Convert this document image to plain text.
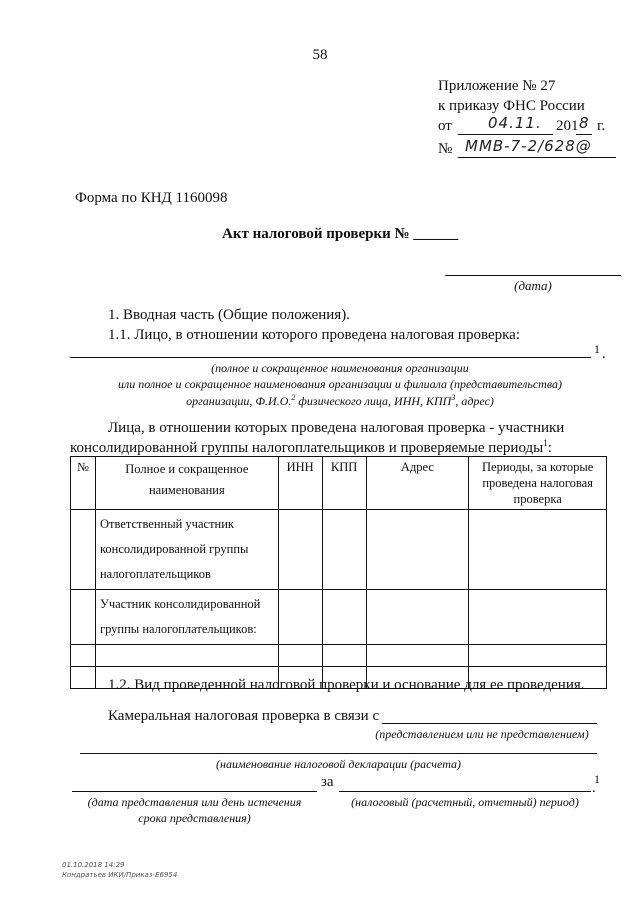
58
Приложение № 27
к приказу ФНС России
от 04.11. 201 8 г.
№ ММВ-7-2/628@
Форма по КНД 1160098
Акт налоговой проверки № ______
(дата)
1. Вводная часть (Общие положения).
1.1. Лицо, в отношении которого проведена налоговая проверка:
1 .
(полное и сокращенное наименования организации
или полное и сокращенное наименования организации и филиала (представительства)
организации, Ф.И.О.$^2$ физического лица, ИНН, КПП$^3$, адрес)
Лица, в отношении которых проведена налоговая проверка - участники
консолидированной группы налогоплательщиков и проверяемые периоды$^1$:
№	Полное и сокращенное наименования	ИНН	КПП	Адрес	Периоды, за которые проведена налоговая проверка
	Ответственный участник консолидированной группы налогоплательщиков				
	Участник консолидированной группы налогоплательщиков:				

1.2. Вид проведенной налоговой проверки и основание для ее проведения.
Камеральная налоговая проверка в связи с
(представлением или не представлением)
(наименование налоговой декларации (расчета)
за	1
.
(дата представления или день истечения
срока представления)
(налоговый (расчетный, отчетный) период)
01.10.2018 14:29
Кондратьев ИКИ/Приказ-Е6954
